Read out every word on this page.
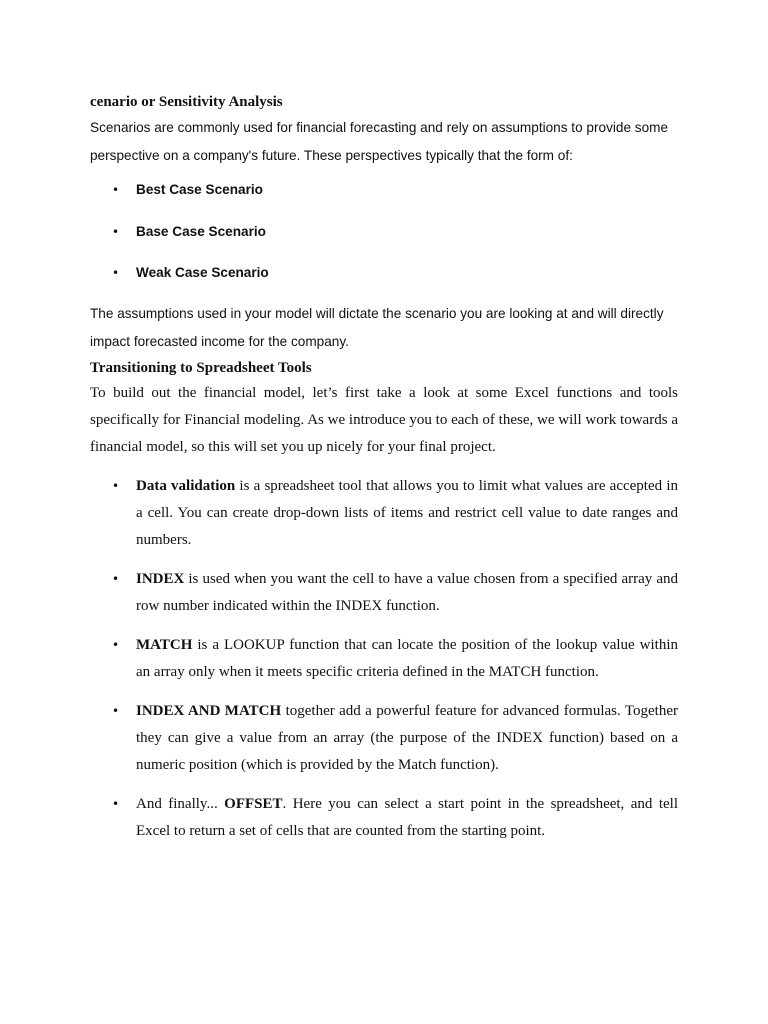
cenario or Sensitivity Analysis

Scenarios are commonly used for financial forecasting and rely on assumptions to provide some perspective on a company's future. These perspectives typically that the form of:

• Best Case Scenario
• Base Case Scenario
• Weak Case Scenario

The assumptions used in your model will dictate the scenario you are looking at and will directly impact forecasted income for the company.

Transitioning to Spreadsheet Tools

To build out the financial model, let’s first take a look at some Excel functions and tools specifically for Financial modeling. As we introduce you to each of these, we will work towards a financial model, so this will set you up nicely for your final project.

• Data validation is a spreadsheet tool that allows you to limit what values are accepted in a cell. You can create drop-down lists of items and restrict cell value to date ranges and numbers.
• INDEX is used when you want the cell to have a value chosen from a specified array and row number indicated within the INDEX function.
• MATCH is a LOOKUP function that can locate the position of the lookup value within an array only when it meets specific criteria defined in the MATCH function.
• INDEX AND MATCH together add a powerful feature for advanced formulas. Together they can give a value from an array (the purpose of the INDEX function) based on a numeric position (which is provided by the Match function).
• And finally... OFFSET. Here you can select a start point in the spreadsheet, and tell Excel to return a set of cells that are counted from the starting point.
